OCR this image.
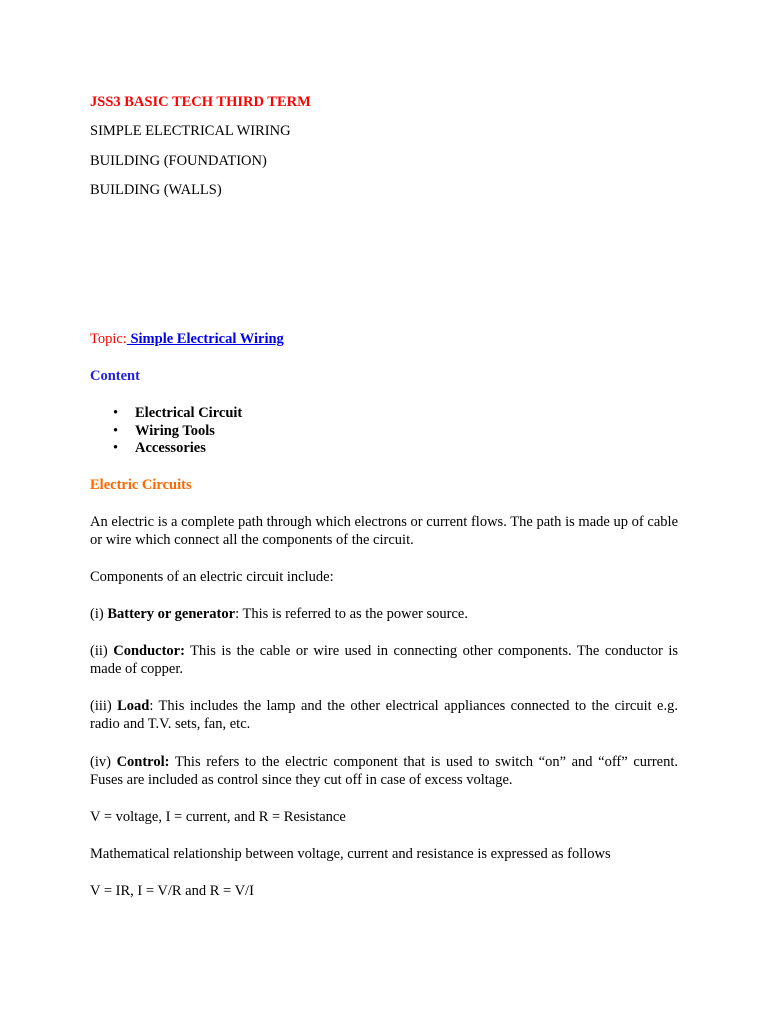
JSS3 BASIC TECH THIRD TERM
SIMPLE ELECTRICAL WIRING
BUILDING (FOUNDATION)
BUILDING (WALLS)
Topic: Simple Electrical Wiring
Content
• Electrical Circuit
• Wiring Tools
• Accessories
Electric Circuits
An electric is a complete path through which electrons or current flows. The path is made up of cable or wire which connect all the components of the circuit.
Components of an electric circuit include:
(i) Battery or generator: This is referred to as the power source.
(ii) Conductor: This is the cable or wire used in connecting other components. The conductor is made of copper.
(iii) Load: This includes the lamp and the other electrical appliances connected to the circuit e.g. radio and T.V. sets, fan, etc.
(iv) Control: This refers to the electric component that is used to switch “on” and “off” current. Fuses are included as control since they cut off in case of excess voltage.
V = voltage, I = current, and R = Resistance
Mathematical relationship between voltage, current and resistance is expressed as follows
V = IR, I = V/R and R = V/I
